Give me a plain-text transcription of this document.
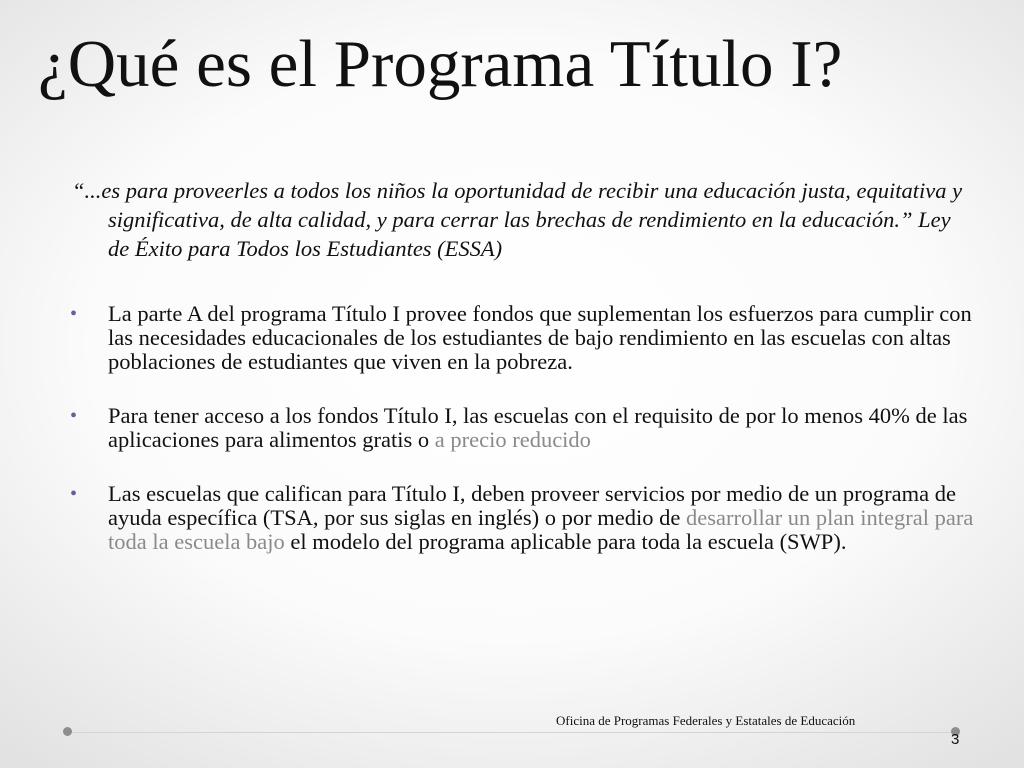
¿Qué es el Programa Título I?

“...es para proveerles a todos los niños la oportunidad de recibir una educación justa, equitativa y significativa, de alta calidad, y para cerrar las brechas de rendimiento en la educación.” Ley de Éxito para Todos los Estudiantes (ESSA)

• La parte A del programa Título I provee fondos que suplementan los esfuerzos para cumplir con las necesidades educacionales de los estudiantes de bajo rendimiento en las escuelas con altas poblaciones de estudiantes que viven en la pobreza.
• Para tener acceso a los fondos Título I, las escuelas con el requisito de por lo menos 40% de las aplicaciones para alimentos gratis o a precio reducido
• Las escuelas que califican para Título I, deben proveer servicios por medio de un programa de ayuda específica (TSA, por sus siglas en inglés) o por medio de desarrollar un plan integral para toda la escuela bajo el modelo del programa aplicable para toda la escuela (SWP).
Oficina de Programas Federales y Estatales de Educación
3
